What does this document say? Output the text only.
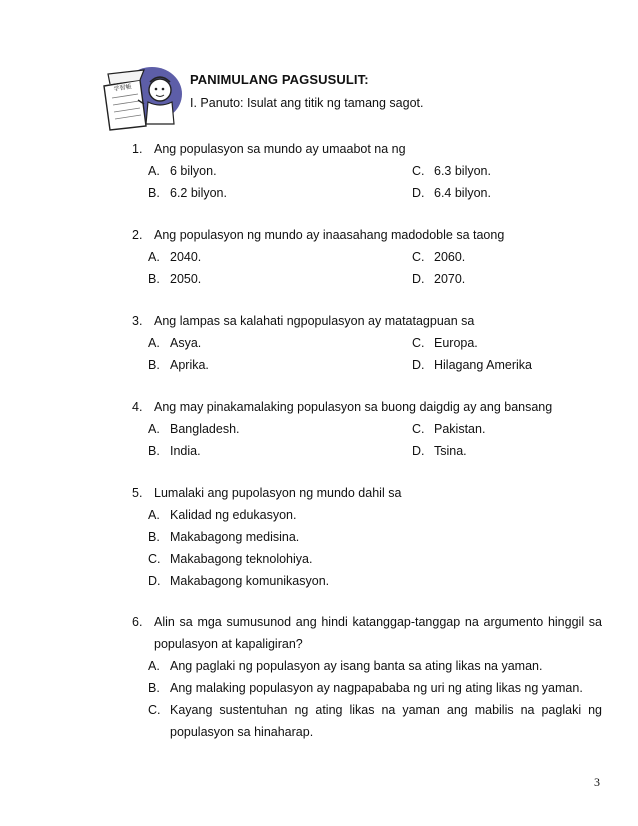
学習帳
PANIMULANG PAGSUSULIT:
I. Panuto: Isulat ang titik ng tamang sagot.
1. Ang populasyon sa mundo ay umaabot na ng
A. 6 bilyon.	C. 6.3 bilyon.
B. 6.2 bilyon.	D. 6.4 bilyon.
2. Ang populasyon ng mundo ay inaasahang madodoble sa taong
A. 2040.	C. 2060.
B. 2050.	D. 2070.
3. Ang lampas sa kalahati ngpopulasyon ay matatagpuan sa
A. Asya.	C. Europa.
B. Aprika.	D. Hilagang Amerika
4. Ang may pinakamalaking populasyon sa buong daigdig ay ang bansang
A. Bangladesh.	C. Pakistan.
B. India.	D. Tsina.
5. Lumalaki ang pupolasyon ng mundo dahil sa
A. Kalidad ng edukasyon.
B. Makabagong medisina.
C. Makabagong teknolohiya.
D. Makabagong komunikasyon.
6. Alin sa mga sumusunod ang hindi katanggap-tanggap na argumento hinggil sa populasyon at kapaligiran?
A. Ang paglaki ng populasyon ay isang banta sa ating likas na yaman.
B. Ang malaking populasyon ay nagpapababa ng uri ng ating likas ng yaman.
C. Kayang sustentuhan ng ating likas na yaman ang mabilis na paglaki ng populasyon sa hinaharap.
3
